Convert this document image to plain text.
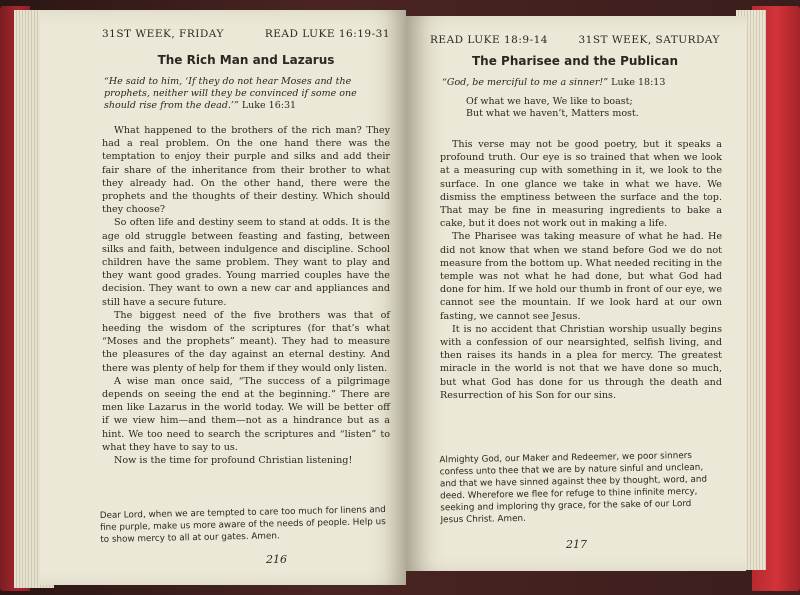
31ST WEEK, FRIDAY	READ LUKE 16:19-31
The Rich Man and Lazarus
“He said to him, ‘If they do not hear Moses and the prophets, neither will they be convinced if some one should rise from the dead.’” Luke 16:31

What happened to the brothers of the rich man? They had a real problem. On the one hand there was the temptation to enjoy their purple and silks and add their fair share of the inheritance from their brother to what they already had. On the other hand, there were the prophets and the thoughts of their destiny. Which should they choose?

So often life and destiny seem to stand at odds. It is the age old struggle between feasting and fasting, between silks and faith, between indulgence and discipline. School children have the same problem. They want to play and they want good grades. Young married couples have the decision. They want to own a new car and appliances and still have a secure future.

The biggest need of the five brothers was that of heeding the wisdom of the scriptures (for that’s what “Moses and the prophets” meant). They had to measure the pleasures of the day against an eternal destiny. And there was plenty of help for them if they would only listen.

A wise man once said, “The success of a pilgrimage depends on seeing the end at the beginning.” There are men like Lazarus in the world today. We will be better off if we view him—and them—not as a hindrance but as a hint. We too need to search the scriptures and “listen” to what they have to say to us.

Now is the time for profound Christian listening!

Dear Lord, when we are tempted to care too much for linens and fine purple, make us more aware of the needs of people. Help us to show mercy to all at our gates. Amen.
216
READ LUKE 18:9-14	31ST WEEK, SATURDAY
The Pharisee and the Publican
“God, be merciful to me a sinner!” Luke 18:13
Of what we have, We like to boast;
But what we haven’t, Matters most.

This verse may not be good poetry, but it speaks a profound truth. Our eye is so trained that when we look at a measuring cup with something in it, we look to the surface. In one glance we take in what we have. We dismiss the emptiness between the surface and the top. That may be fine in measuring ingredients to bake a cake, but it does not work out in making a life.

The Pharisee was taking measure of what he had. He did not know that when we stand before God we do not measure from the bottom up. What needed reciting in the temple was not what he had done, but what God had done for him. If we hold our thumb in front of our eye, we cannot see the mountain. If we look hard at our own fasting, we cannot see Jesus.

It is no accident that Christian worship usually begins with a confession of our nearsighted, selfish living, and then raises its hands in a plea for mercy. The greatest miracle in the world is not that we have done so much, but what God has done for us through the death and Resurrection of his Son for our sins.

Almighty God, our Maker and Redeemer, we poor sinners confess unto thee that we are by nature sinful and unclean, and that we have sinned against thee by thought, word, and deed. Wherefore we flee for refuge to thine infinite mercy, seeking and imploring thy grace, for the sake of our Lord Jesus Christ. Amen.
217
